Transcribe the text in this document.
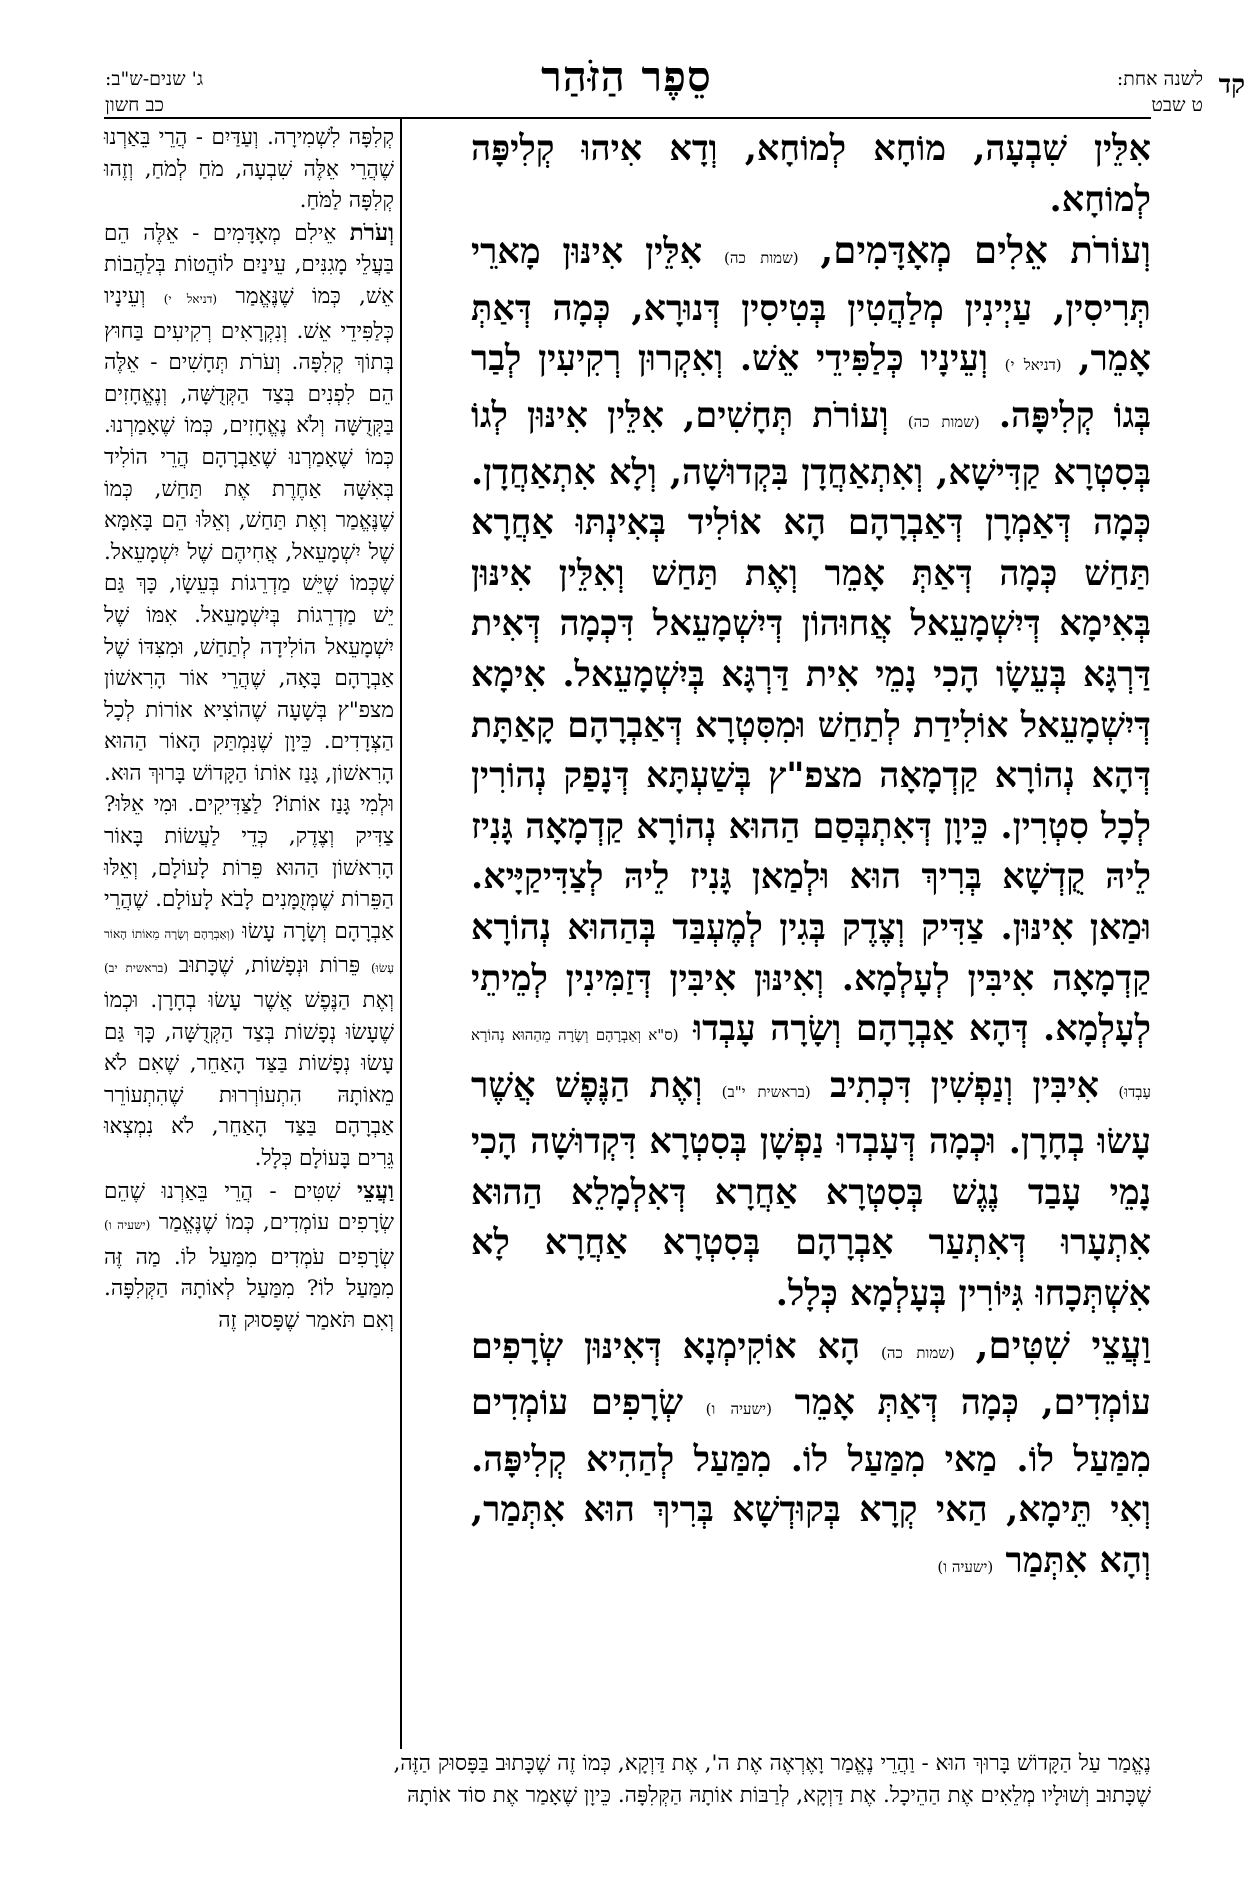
קד
לשנה אחת:
ט שבט
סֵפֶר הַזֹּהַר
ג' שנים-ש"ב:
כב חשון

אִלֵּין שִׁבְעָה, מוֹחָא לְמוֹחָא, וְדָא אִיהוּ קְלִיפָּה לְמוֹחָא.

וְעוֹרֹת אֵלִים מְאָדָּמִים, (שמות כה) אִלֵּין אִינּוּן מָארֵי תְּרִיסִין, עַיְינִין מְלַהֲטִין בְּטִיסִין דְּנוּרָא, כְּמָה דְּאַתְּ אָמֵר, (דניאל י) וְעֵינָיו כְּלַפִּידֵי אֵשׁ. וְאִקְרוּן רְקִיעִין לְבַר בְּגוֹ קְלִיפָּה. (שמות כה) וְעוֹרֹת תְּחָשִׁים, אִלֵּין אִינּוּן לְגוֹ בְּסִטְרָא קַדִּישָׁא, וְאִתְאַחֲדָן בִּקְדוּשָׁה, וְלָא אִתְאַחֲדָן. כְּמָה דְּאַמְרָן דְּאַבְרָהָם הָא אוֹלִיד בְּאִינְתּוּ אַחֲרָא תַּחַשׁ כְּמָה דְּאַתְּ אָמֵר וְאֶת תַּחַשׁ וְאִלֵּין אִינּוּן בְּאִימָא דְּיִשְׁמָעֵאל אֲחוּהוֹן דְּיִשְׁמָעֵאל דִּכְמָה דְּאִית דַּרְגָּא בְּעֵשָׂו הָכִי נָמֵי אִית דַּרְגָּא בְּיִשְׁמָעֵאל. אִימָא דְּיִשְׁמָעֵאל אוֹלִידַת לְתַחַשׁ וּמִסִּטְרָא דְּאַבְרָהָם קָאַתָּת דְּהָא נְהוֹרָא קַדְמָאָה מצפ"ץ בְּשַׁעְתָּא דְּנָפַק נְהוֹרִין לְכָל סִטְרִין. כֵּיוָן דְּאִתְבְּסַם הַהוּא נְהוֹרָא קַדְמָאָה גָּנִיז לֵיהּ קֻדְשָׁא בְּרִיךְ הוּא וּלְמַאן גָּנִיז לֵיהּ לְצַדִּיקַיָּיא. וּמַאן אִינּוּן. צַדִּיק וְצֶדֶק בְּגִין לְמֶעְבַּד בְּהַהוּא נְהוֹרָא קַדְמָאָה אִיבִּין לְעָלְמָא. וְאִינּוּן אִיבִּין דְּזַמִּינִין לְמֵיתֵי לְעָלְמָא. דְּהָא אַבְרָהָם וְשָׂרָה עָבְדוּ (ס"א וְאַבְרָהָם וְשָׂרָה מֵהַהוּא נְהוֹרָא עָבְדוּ) אִיבִּין וְנַפְשִׁין דִּכְתִיב (בראשית י"ב) וְאֶת הַנֶּפֶשׁ אֲשֶׁר עָשׂוּ בְחָרָן. וּכְמָה דְּעָבְדוּ נַפְשָׁן בְּסִטְרָא דִּקְדוּשָׁה הָכִי נָמֵי עָבַד נֶגֶשׁ בְּסִטְרָא אַחֲרָא דְּאִלְמָלֵא הַהוּא אִתְעָרוּ דְּאִתְעַר אַבְרָהָם בְּסִטְרָא אַחֲרָא לָא אִשְׁתְּכָחוּ גִּיּוֹרִין בְּעָלְמָא כְּלָל.

וַעֲצֵי שִׁטִּים, (שמות כה) הָא אוֹקִימְנָא דְּאִינּוּן שְׂרָפִים עוֹמְדִים, כְּמָה דְּאַתְּ אָמֵר (ישעיה ו) שְׂרָפִים עוֹמְדִים מִמַּעַל לוֹ. מַאי מִמַּעַל לוֹ. מִמַּעַל לְהַהִיא קְלִיפָּה. וְאִי תֵּימָא, הַאי קְרָא בְּקוּדְשָׁא בְּרִיךְ הוּא אִתְּמַר, וְהָא אִתְּמַר (ישעיה ו)

קְלִפָּה לִשְׁמִירָה. וְעַדַּיִם - הֲרֵי בֵּאַרְנוּ שֶׁהֲרֵי אֵלֶּה שִׁבְעָה, מֹחַ לְמֹחַ, וְזֶהוּ קְלִפָּה לַמֹּחַ.

וְעֹרֹת אֵילִם מְאָדָּמִים - אֵלֶּה הֵם בַּעֲלֵי מָגִנִּים, עֵינַיִם לוֹהֲטוֹת בְּלַהֲבוֹת אֵשׁ, כְּמוֹ שֶׁנֶּאֱמַר (דניאל י) וְעֵינָיו כְּלַפִּידֵי אֵשׁ. וְנִקְרָאִים רְקִיעִים בַּחוּץ בְּתוֹךְ קְלִפָּה. וְעֹרֹת תְּחָשִׁים - אֵלֶּה הֵם לִפְנִים בְּצַד הַקְּדֻשָּׁה, וְנֶאֱחָזִים בַּקְּדֻשָּׁה וְלֹא נֶאֱחָזִים, כְּמוֹ שֶׁאָמַרְנוּ. כְּמוֹ שֶׁאָמַרְנוּ שֶׁאַבְרָהָם הֲרֵי הוֹלִיד בְּאִשָּׁה אַחֶרֶת אֶת תַּחַשׁ, כְּמוֹ שֶׁנֶּאֱמַר וְאֶת תַּחַשׁ, וְאֵלּוּ הֵם בָּאִמָּא שֶׁל יִשְׁמָעֵאל, אֲחִיהֶם שֶׁל יִשְׁמָעֵאל. שֶׁכְּמוֹ שֶׁיֵּשׁ מַדְרֵגוֹת בְּעֵשָׂו, כָּךְ גַּם יֵשׁ מַדְרֵגוֹת בְּיִשְׁמָעֵאל. אִמּוֹ שֶׁל יִשְׁמָעֵאל הוֹלִידָה לְתַחַשׁ, וּמִצִּדּוֹ שֶׁל אַבְרָהָם בָּאָה, שֶׁהֲרֵי אוֹר הָרִאשׁוֹן מצפ"ץ בְּשָׁעָה שֶׁהוֹצִיא אוֹרוֹת לְכָל הַצְּדָדִים. כֵּיוָן שֶׁנִּמְתַּק הָאוֹר הַהוּא הָרִאשׁוֹן, גָּנַז אוֹתוֹ הַקָּדוֹשׁ בָּרוּךְ הוּא. וּלְמִי גָּנַז אוֹתוֹ? לַצַּדִּיקִים. וּמִי אֵלּוּ? צַדִּיק וְצֶדֶק, כְּדֵי לַעֲשׂוֹת בָּאוֹר הָרִאשׁוֹן הַהוּא פֵּרוֹת לָעוֹלָם, וְאֵלּוּ הַפֵּרוֹת שֶׁמְּזֻמָּנִים לָבֹא לָעוֹלָם. שֶׁהֲרֵי אַבְרָהָם וְשָׂרָה עָשׂוּ (וְאַבְרָהָם וְשָׂרָה מֵאוֹתוֹ הָאוֹר עָשׂוּ) פֵּרוֹת וּנְפָשׁוֹת, שֶׁכָּתוּב (בראשית יב) וְאֶת הַנֶּפֶשׁ אֲשֶׁר עָשׂוּ בְחָרָן. וּכְמוֹ שֶׁעָשׂוּ נְפָשׁוֹת בְּצַד הַקְּדֻשָּׁה, כָּךְ גַּם עָשׂוּ נְפָשׁוֹת בַּצַּד הָאַחֵר, שֶׁאִם לֹא מֵאוֹתָהּ הִתְעוֹרְרוּת שֶׁהִתְעוֹרֵר אַבְרָהָם בַּצַּד הָאַחֵר, לֹא נִמְצְאוּ גֵּרִים בָּעוֹלָם כְּלָל.

וַעֲצֵי שִׁטִּים - הֲרֵי בֵּאַרְנוּ שֶׁהֵם שְׂרָפִים עוֹמְדִים, כְּמוֹ שֶׁנֶּאֱמַר (ישעיה ו) שְׂרָפִים עֹמְדִים מִמַּעַל לוֹ. מַה זֶּה מִמַּעַל לוֹ? מִמַּעַל לְאוֹתָהּ הַקְּלִפָּה. וְאִם תֹּאמַר שֶׁפָּסוּק זֶה

נֶאֱמַר עַל הַקָּדוֹשׁ בָּרוּךְ הוּא - וַהֲרֵי נֶאֱמַר וָאֶרְאֶה אֶת ה', אֶת דַּוְקָא, כְּמוֹ זֶה שֶׁכָּתוּב בַּפָּסוּק הַזֶּה,

שֶׁכָּתוּב וְשׁוּלָיו מְלֵאִים אֶת הַהֵיכָל. אֶת דַּוְקָא, לְרַבּוֹת אוֹתָהּ הַקְּלִפָּה. כֵּיוָן שֶׁאָמַר אֶת סוֹד אוֹתָהּ
